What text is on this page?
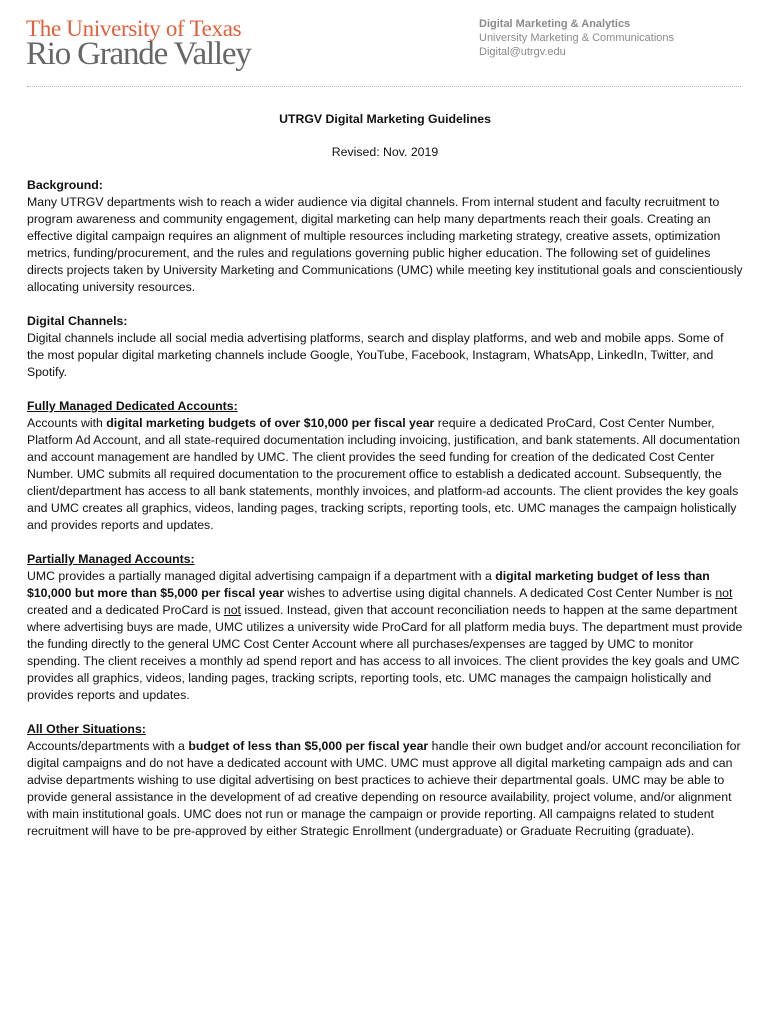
The University of Texas
Rio Grande Valley
Digital Marketing & Analytics
University Marketing & Communications
Digital@utrgv.edu

UTRGV Digital Marketing Guidelines

Revised: Nov. 2019

Background:

Many UTRGV departments wish to reach a wider audience via digital channels. From internal student and faculty recruitment to program awareness and community engagement, digital marketing can help many departments reach their goals. Creating an effective digital campaign requires an alignment of multiple resources including marketing strategy, creative assets, optimization metrics, funding/procurement, and the rules and regulations governing public higher education. The following set of guidelines directs projects taken by University Marketing and Communications (UMC) while meeting key institutional goals and conscientiously allocating university resources.

Digital Channels:

Digital channels include all social media advertising platforms, search and display platforms, and web and mobile apps. Some of the most popular digital marketing channels include Google, YouTube, Facebook, Instagram, WhatsApp, LinkedIn, Twitter, and Spotify.

Fully Managed Dedicated Accounts:

Accounts with digital marketing budgets of over $10,000 per fiscal year require a dedicated ProCard, Cost Center Number, Platform Ad Account, and all state-required documentation including invoicing, justification, and bank statements. All documentation and account management are handled by UMC. The client provides the seed funding for creation of the dedicated Cost Center Number. UMC submits all required documentation to the procurement office to establish a dedicated account. Subsequently, the client/department has access to all bank statements, monthly invoices, and platform-ad accounts. The client provides the key goals and UMC creates all graphics, videos, landing pages, tracking scripts, reporting tools, etc. UMC manages the campaign holistically and provides reports and updates.

Partially Managed Accounts:

UMC provides a partially managed digital advertising campaign if a department with a digital marketing budget of less than $10,000 but more than $5,000 per fiscal year wishes to advertise using digital channels. A dedicated Cost Center Number is not created and a dedicated ProCard is not issued. Instead, given that account reconciliation needs to happen at the same department where advertising buys are made, UMC utilizes a university wide ProCard for all platform media buys. The department must provide the funding directly to the general UMC Cost Center Account where all purchases/expenses are tagged by UMC to monitor spending. The client receives a monthly ad spend report and has access to all invoices. The client provides the key goals and UMC provides all graphics, videos, landing pages, tracking scripts, reporting tools, etc. UMC manages the campaign holistically and provides reports and updates.

All Other Situations:

Accounts/departments with a budget of less than $5,000 per fiscal year handle their own budget and/or account reconciliation for digital campaigns and do not have a dedicated account with UMC. UMC must approve all digital marketing campaign ads and can advise departments wishing to use digital advertising on best practices to achieve their departmental goals. UMC may be able to provide general assistance in the development of ad creative depending on resource availability, project volume, and/or alignment with main institutional goals. UMC does not run or manage the campaign or provide reporting. All campaigns related to student recruitment will have to be pre-approved by either Strategic Enrollment (undergraduate) or Graduate Recruiting (graduate).
